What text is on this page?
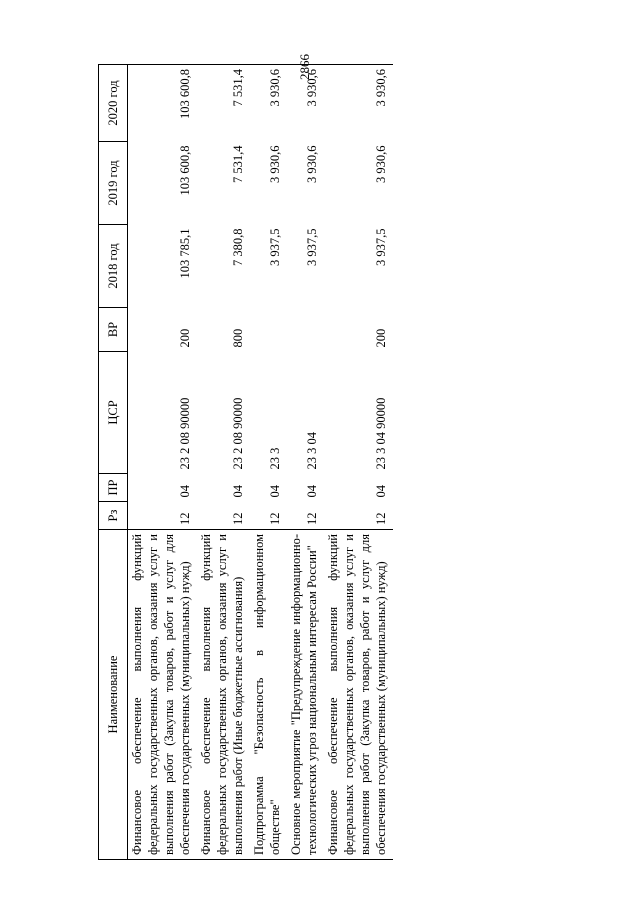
2866
Наименование	Рз	ПР	ЦСР	ВР	2018 год	2019 год	2020 год
Финансовое обеспечение выполнения функций федеральных государственных органов, оказания услуг и выполнения работ (Закупка товаров, работ и услуг для обеспечения государственных (муниципальных) нужд)	12	04	23 2 08 90000	200	103 785,1	103 600,8	103 600,8
Финансовое обеспечение выполнения функций федеральных государственных органов, оказания услуг и выполнения работ (Иные бюджетные ассигнования)	12	04	23 2 08 90000	800	7 380,8	7 531,4	7 531,4
Подпрограмма "Безопасность в информационном обществе"	12	04	23 3		3 937,5	3 930,6	3 930,6
Основное мероприятие "Предупреждение информационно-технологических угроз национальным интересам России"	12	04	23 3 04		3 937,5	3 930,6	3 930,6
Финансовое обеспечение выполнения функций федеральных государственных органов, оказания услуг и выполнения работ (Закупка товаров, работ и услуг для обеспечения государственных (муниципальных) нужд)	12	04	23 3 04 90000	200	3 937,5	3 930,6	3 930,6
